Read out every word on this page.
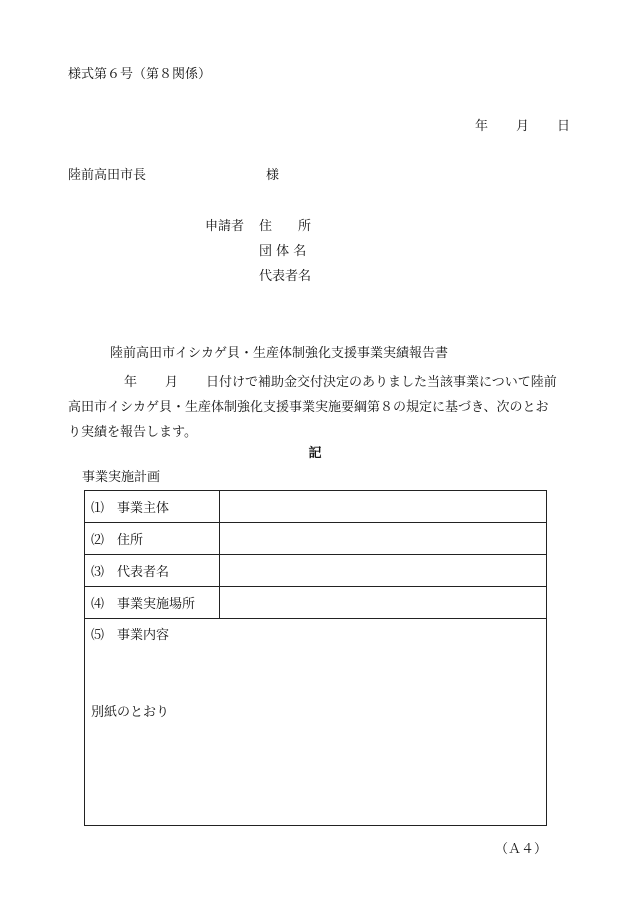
様式第６号（第８関係）
年 月 日
陸前高田市長	様
申請者 住　　所
団 体 名
代表者名
陸前高田市イシカゲ貝・生産体制強化支援事業実績報告書
年 月 日付けで補助金交付決定のありました当該事業について陸前
高田市イシカゲ貝・生産体制強化支援事業実施要綱第８の規定に基づき、次のとお
り実績を報告します。
記
事業実施計画
⑴ 事業主体	
⑵ 住所	
⑶ 代表者名	
⑷ 事業実施場所	
⑸ 事業内容
別紙のとおり	
（Ａ４）
